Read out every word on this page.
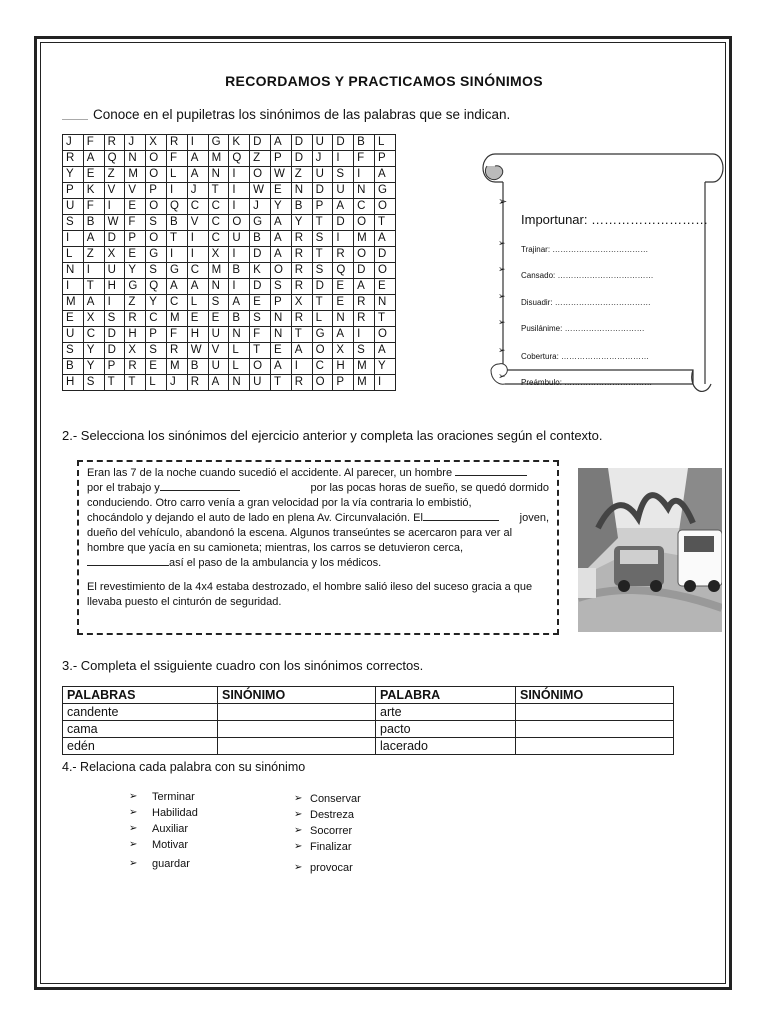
RECORDAMOS Y PRACTICAMOS SINÓNIMOS
Conoce en el pupiletras los sinónimos de las palabras que se indican.
J	F	R	J	X	R	I	G	K	D	A	D	U	D	B	L
R	A	Q	N	O	F	A	M	Q	Z	P	D	J	I	F	P
Y	E	Z	M	O	L	A	N	I	O	W	Z	U	S	I	A
P	K	V	V	P	I	J	T	I	W	E	N	D	U	N	G
U	F	I	E	O	Q	C	C	I	J	Y	B	P	A	C	O
S	B	W	F	S	B	V	C	O	G	A	Y	T	D	O	T
I	A	D	P	O	T	I	C	U	B	A	R	S	I	M	A
L	Z	X	E	G	I	I	X	I	D	A	R	T	R	O	D
N	I	U	Y	S	G	C	M	B	K	O	R	S	Q	D	O
I	T	H	G	Q	A	A	N	I	D	S	R	D	E	A	E
M	A	I	Z	Y	C	L	S	A	E	P	X	T	E	R	N
E	X	S	R	C	M	E	E	B	S	N	R	L	N	R	T
U	C	D	H	P	F	H	U	N	F	N	T	G	A	I	O
S	Y	D	X	S	R	W	V	L	T	E	A	O	X	S	A
B	Y	P	R	E	M	B	U	L	O	A	I	C	H	M	Y
H	S	T	T	L	J	R	A	N	U	T	R	O	P	M	I
➢
Importunar: ………………………
➢
Trajinar: ………………………………
➢
Cansado: ………………………………
➢
Disuadir: ………………………………
➢
Pusilánime: …………………………
➢
Cobertura: ……………………………
➢
Preámbulo: ……………………………
2.- Selecciona los sinónimos del ejercicio anterior y completa las oraciones según el contexto.
Eran las 7 de la noche cuando sucedió el accidente. Al parecer, un hombre
por el trabajo y	por las pocas horas de sueño, se quedó dormido
conduciendo. Otro carro venía a gran velocidad por la vía contraria lo embistió,
chocándolo y dejando el auto de lado en plena Av. Circunvalación. El	joven,
dueño del vehículo, abandonó la escena. Algunos transeúntes se acercaron para ver al
hombre que yacía en su camioneta; mientras, los carros se detuvieron cerca,
así el paso de la ambulancia y los médicos.
El revestimiento de la 4x4 estaba destrozado, el hombre salió ileso del suceso gracia a que llevaba puesto el cinturón de seguridad.
3.- Completa el ssiguiente cuadro con los sinónimos correctos.
PALABRAS	SINÓNIMO	PALABRA	SINÓNIMO
candente		arte	
cama		pacto	
edén		lacerado	
4.- Relaciona cada palabra con su sinónimo
➢ Terminar
➢ Habilidad
➢ Auxiliar
➢ Motivar
➢ guardar
➢ Conservar
➢ Destreza
➢ Socorrer
➢ Finalizar
➢ provocar
